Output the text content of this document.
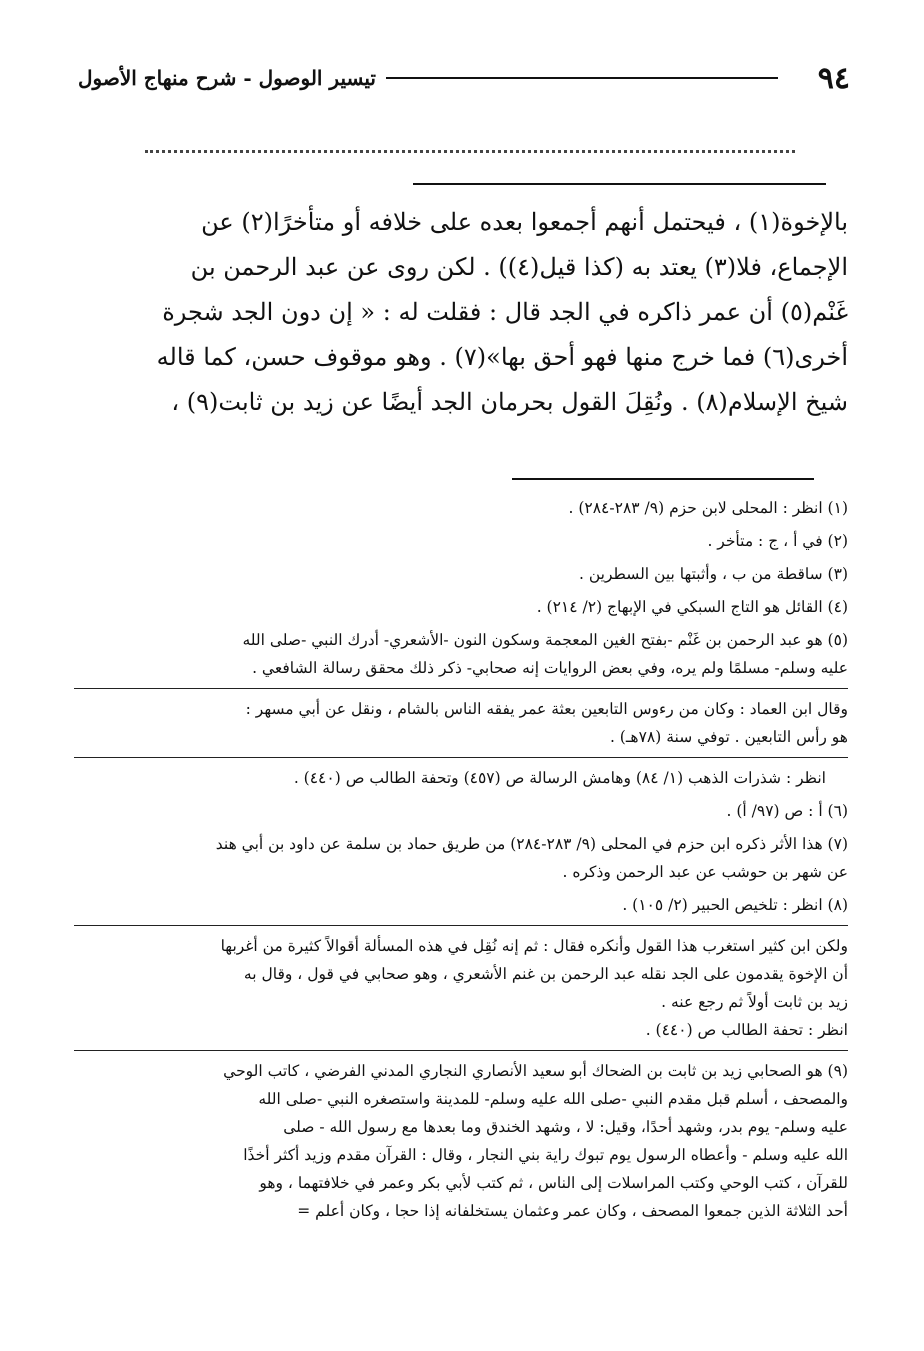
٩٤
تيسير الوصول - شرح منهاج الأصول

بالإخوة(١) ، فيحتمل أنهم أجمعوا بعده على خلافه أو متأخرًا(٢) عن

الإجماع، فلا(٣) يعتد به (كذا قيل(٤)) . لكن روى عن عبد الرحمن بن

غَنْم(٥) أن عمر ذاكره في الجد قال : فقلت له : « إن دون الجد شجرة

أخرى(٦) فما خرج منها فهو أحق بها»(٧) . وهو موقوف حسن، كما قاله

شيخ الإسلام(٨) . ونُقِلَ القول بحرمان الجد أيضًا عن زيد بن ثابت(٩) ،

(١) انظر : المحلى لابن حزم (٩/ ٢٨٣-٢٨٤) .

(٢) في أ ، ج : متأخر .

(٣) ساقطة من ب ، وأثبتها بين السطرين .

(٤) القائل هو التاج السبكي في الإبهاج (٢/ ٢١٤) .

(٥) هو عبد الرحمن بن غَنْم -بفتح الغين المعجمة وسكون النون -الأشعري- أدرك النبي -صلى الله

عليه وسلم- مسلمًا ولم يره، وفي بعض الروايات إنه صحابي- ذكر ذلك محقق رسالة الشافعي .

وقال ابن العماد : وكان من رءوس التابعين بعثة عمر يفقه الناس بالشام ، ونقل عن أبي مسهر :

هو رأس التابعين . توفي سنة (٧٨هـ) .

انظر : شذرات الذهب (١/ ٨٤) وهامش الرسالة ص (٤٥٧) وتحفة الطالب ص (٤٤٠) .

(٦) أ : ص (٩٧/ أ) .

(٧) هذا الأثر ذكره ابن حزم في المحلى (٩/ ٢٨٣-٢٨٤) من طريق حماد بن سلمة عن داود بن أبي هند

عن شهر بن حوشب عن عبد الرحمن وذكره .

(٨) انظر : تلخيص الحبير (٢/ ١٠٥) .

ولكن ابن كثير استغرب هذا القول وأنكره فقال : ثم إنه نُقِل في هذه المسألة أقوالاً كثيرة من أغربها

أن الإخوة يقدمون على الجد نقله عبد الرحمن بن غنم الأشعري ، وهو صحابي في قول ، وقال به

زيد بن ثابت أولاً ثم رجع عنه .

انظر : تحفة الطالب ص (٤٤٠) .

(٩) هو الصحابي زيد بن ثابت بن الضحاك أبو سعيد الأنصاري النجاري المدني الفرضي ، كاتب الوحي

والمصحف ، أسلم قبل مقدم النبي -صلى الله عليه وسلم- للمدينة واستصغره النبي -صلى الله

عليه وسلم- يوم بدر، وشهد أحدًا، وقيل: لا ، وشهد الخندق وما بعدها مع رسول الله - صلى

الله عليه وسلم - وأعطاه الرسول يوم تبوك راية بني النجار ، وقال : القرآن مقدم وزيد أكثر أخذًا

للقرآن ، كتب الوحي وكتب المراسلات إلى الناس ، ثم كتب لأبي بكر وعمر في خلافتهما ، وهو

أحد الثلاثة الذين جمعوا المصحف ، وكان عمر وعثمان يستخلفانه إذا حجا ، وكان أعلم =
